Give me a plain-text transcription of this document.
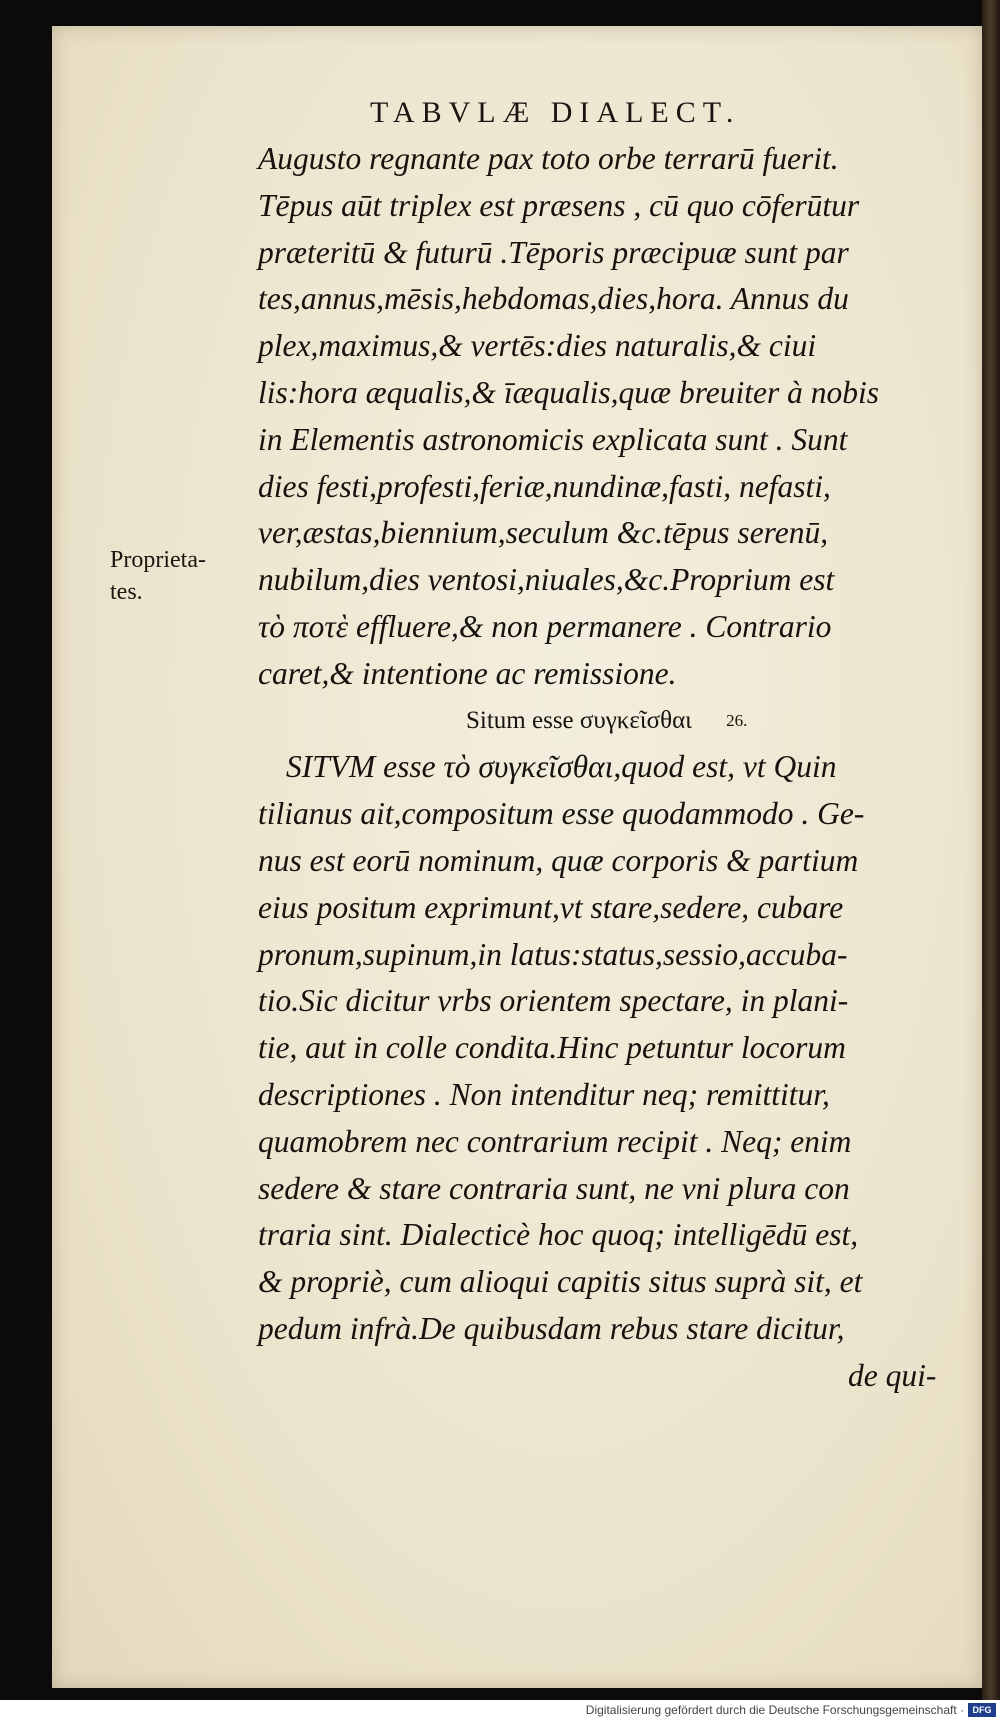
TABVLÆ DIALECT.
Proprieta-
tes.
Augusto regnante pax toto orbe terrarū fuerit.
Tēpus aūt triplex est præsens , cū quo cōferūtur
præteritū & futurū .Tēporis præcipuæ sunt par
tes,annus,mēsis,hebdomas,dies,hora. Annus du
plex,maximus,& vertēs:dies naturalis,& ciui
lis:hora æqualis,& īæqualis,quæ breuiter à nobis
in Elementis astronomicis explicata sunt . Sunt
dies festi,profesti,feriæ,nundinæ,fasti, nefasti,
ver,æstas,biennium,seculum &c.tēpus serenū,
nubilum,dies ventosi,niuales,&c.Proprium est
τὸ ποτὲ effluere,& non permanere . Contrario
caret,& intentione ac remissione.
Situm esse συγκεῖσθαι 26.
SITVM esse τὸ συγκεῖσθαι,quod est, vt Quin
tilianus ait,compositum esse quodammodo . Ge-
nus est eorū nominum, quæ corporis & partium
eius positum exprimunt,vt stare,sedere, cubare
pronum,supinum,in latus:status,sessio,accuba-
tio.Sic dicitur vrbs orientem spectare, in plani-
tie, aut in colle condita.Hinc petuntur locorum
descriptiones . Non intenditur neq; remittitur,
quamobrem nec contrarium recipit . Neq; enim
sedere & stare contraria sunt, ne vni plura con
traria sint. Dialecticè hoc quoq; intelligēdū est,
& propriè, cum alioqui capitis situs suprà sit, et
pedum infrà.De quibusdam rebus stare dicitur,
de qui-
Digitalisierung gefördert durch die Deutsche Forschungsgemeinschaft · DFG
